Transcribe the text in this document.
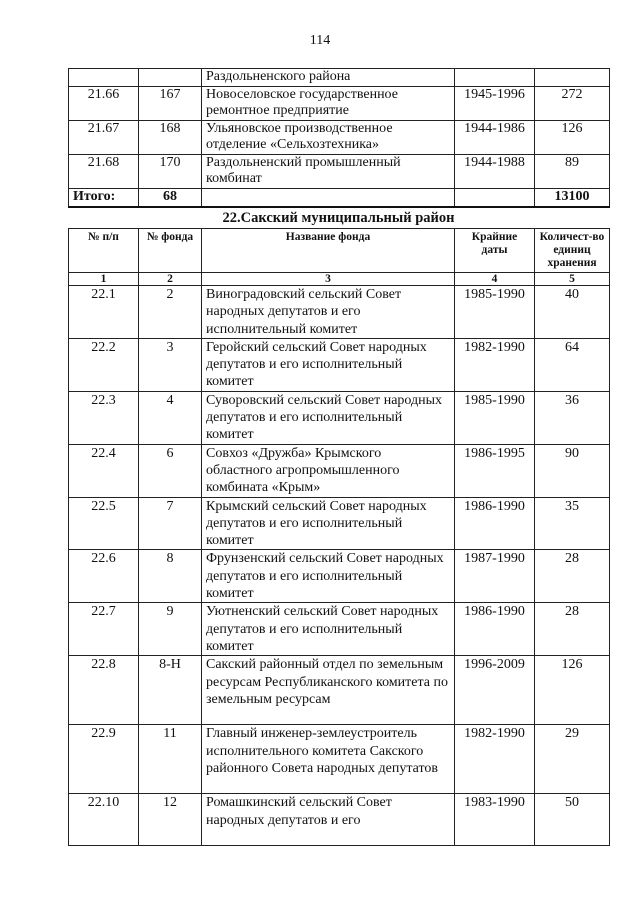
114
		Раздольненского района		
21.66	167	Новоселовское государственное ремонтное предприятие	1945-1996	272
21.67	168	Ульяновское производственное отделение «Сельхозтехника»	1944-1986	126
21.68	170	Раздольненский промышленный комбинат	1944-1988	89
Итого:	68			13100
22.Сакский муниципальный район
№ п/п	№ фонда	Название фонда	Крайние даты	Количест-во единиц хранения
1	2	3	4	5
22.1	2	Виноградовский сельский Совет народных депутатов и его исполнительный комитет	1985-1990	40
22.2	3	Геройский сельский Совет народных депутатов и его исполнительный комитет	1982-1990	64
22.3	4	Суворовский сельский Совет народных депутатов и его исполнительный комитет	1985-1990	36
22.4	6	Совхоз «Дружба» Крымского областного агропромышленного комбината «Крым»	1986-1995	90
22.5	7	Крымский сельский Совет народных депутатов и его исполнительный комитет	1986-1990	35
22.6	8	Фрунзенский сельский Совет народных депутатов и его исполнительный комитет	1987-1990	28
22.7	9	Уютненский сельский Совет народных депутатов и его исполнительный комитет	1986-1990	28
22.8	8-Н	Сакский районный отдел по земельным ресурсам Республиканского комитета по земельным ресурсам	1996-2009	126
22.9	11	Главный инженер-землеустроитель исполнительного комитета Сакского районного Совета народных депутатов	1982-1990	29
22.10	12	Ромашкинский сельский Совет народных депутатов и его	1983-1990	50
